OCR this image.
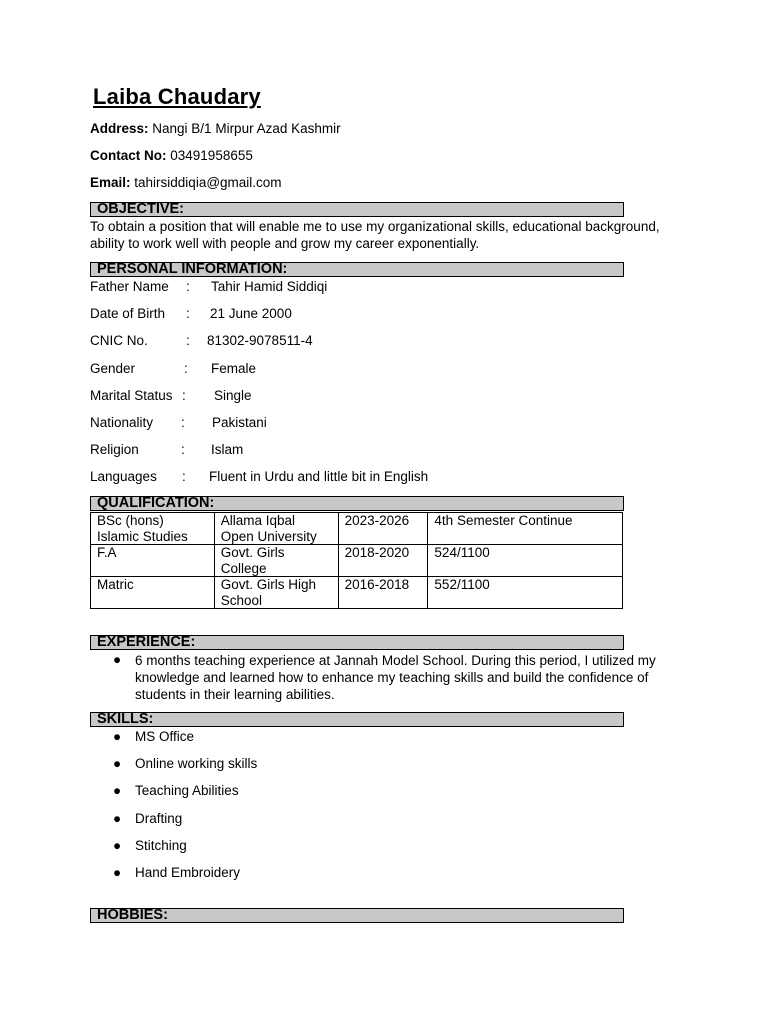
Laiba Chaudary
Address: Nangi B/1 Mirpur Azad Kashmir
Contact No: 03491958655
Email: tahirsiddiqia@gmail.com
OBJECTIVE:
To obtain a position that will enable me to use my organizational skills, educational background, ability to work well with people and grow my career exponentially.
PERSONAL INFORMATION:
Father Name : Tahir Hamid Siddiqi
Date of Birth : 21 June 2000
CNIC No.	: 81302-9078511-4
Gender	: Female
Marital Status : Single
Nationality : Pakistani
Religion	: Islam
Languages : Fluent in Urdu and little bit in English
QUALIFICATION:
BSc (hons) Islamic Studies	Allama Iqbal Open University	2023-2026	4th Semester Continue
F.A	Govt. Girls College	2018-2020	524/1100
Matric	Govt. Girls High School	2016-2018	552/1100
EXPERIENCE:
● 6 months teaching experience at Jannah Model School. During this period, I utilized my knowledge and learned how to enhance my teaching skills and build the confidence of students in their learning abilities.
SKILLS:
● MS Office
● Online working skills
● Teaching Abilities
● Drafting
● Stitching
● Hand Embroidery
HOBBIES:
